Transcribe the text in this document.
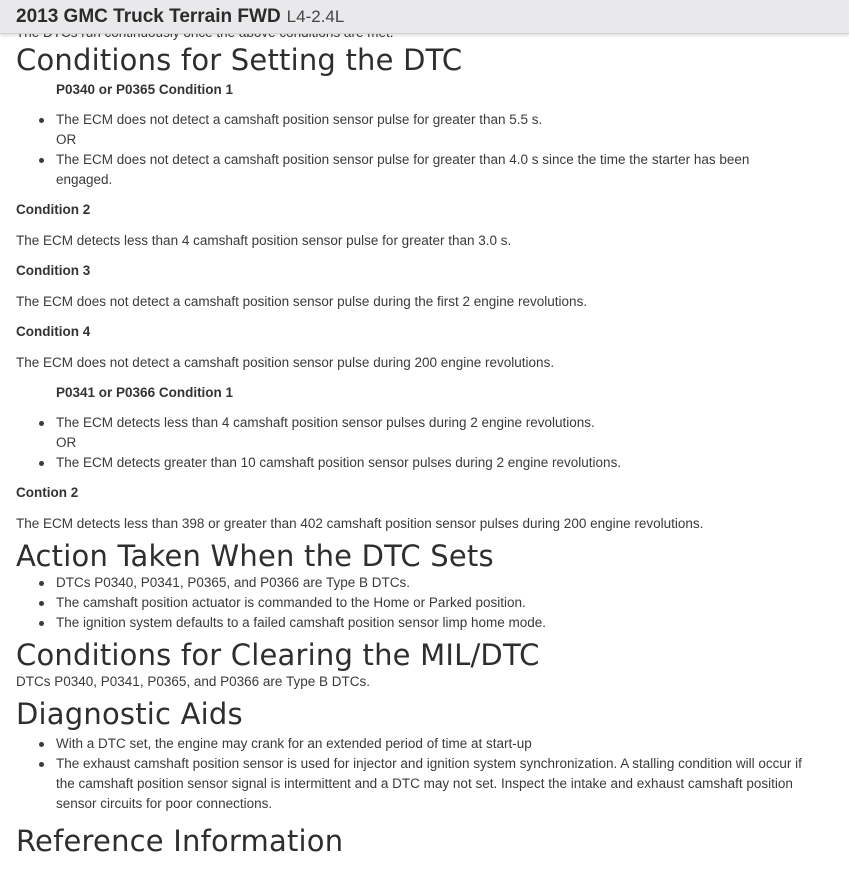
Conditions for Setting the DTC
P0340 or P0365 Condition 1
The ECM does not detect a camshaft position sensor pulse for greater than 5.5 s.
OR
The ECM does not detect a camshaft position sensor pulse for greater than 4.0 s since the time the starter has been engaged.
Condition 2

The ECM detects less than 4 camshaft position sensor pulse for greater than 3.0 s.

Condition 3

The ECM does not detect a camshaft position sensor pulse during the first 2 engine revolutions.

Condition 4

The ECM does not detect a camshaft position sensor pulse during 200 engine revolutions.

P0341 or P0366 Condition 1
The ECM detects less than 4 camshaft position sensor pulses during 2 engine revolutions.
OR
The ECM detects greater than 10 camshaft position sensor pulses during 2 engine revolutions.
Contion 2

The ECM detects less than 398 or greater than 402 camshaft position sensor pulses during 200 engine revolutions.

Action Taken When the DTC Sets
DTCs P0340, P0341, P0365, and P0366 are Type B DTCs.
The camshaft position actuator is commanded to the Home or Parked position.
The ignition system defaults to a failed camshaft position sensor limp home mode.
Conditions for Clearing the MIL/DTC

DTCs P0340, P0341, P0365, and P0366 are Type B DTCs.

Diagnostic Aids
With a DTC set, the engine may crank for an extended period of time at start-up
The exhaust camshaft position sensor is used for injector and ignition system synchronization. A stalling condition will occur if the camshaft position sensor signal is intermittent and a DTC may not set. Inspect the intake and exhaust camshaft position sensor circuits for poor connections.
Reference Information
2013 GMC Truck Terrain FWD L4-2.4L
